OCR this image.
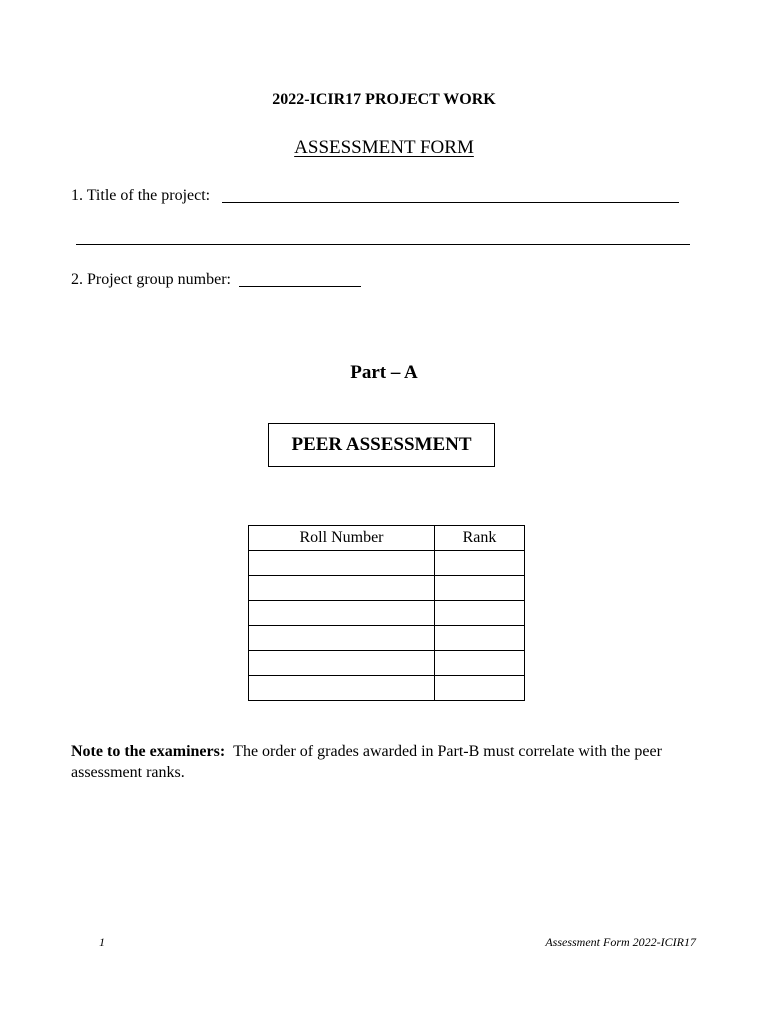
2022-ICIR17 PROJECT WORK
ASSESSMENT FORM
1. Title of the project:
2. Project group number:
Part – A
PEER ASSESSMENT
Roll Number	Rank

Note to the examiners: The order of grades awarded in Part-B must correlate with the peer assessment ranks.
1	Assessment Form 2022-ICIR17
